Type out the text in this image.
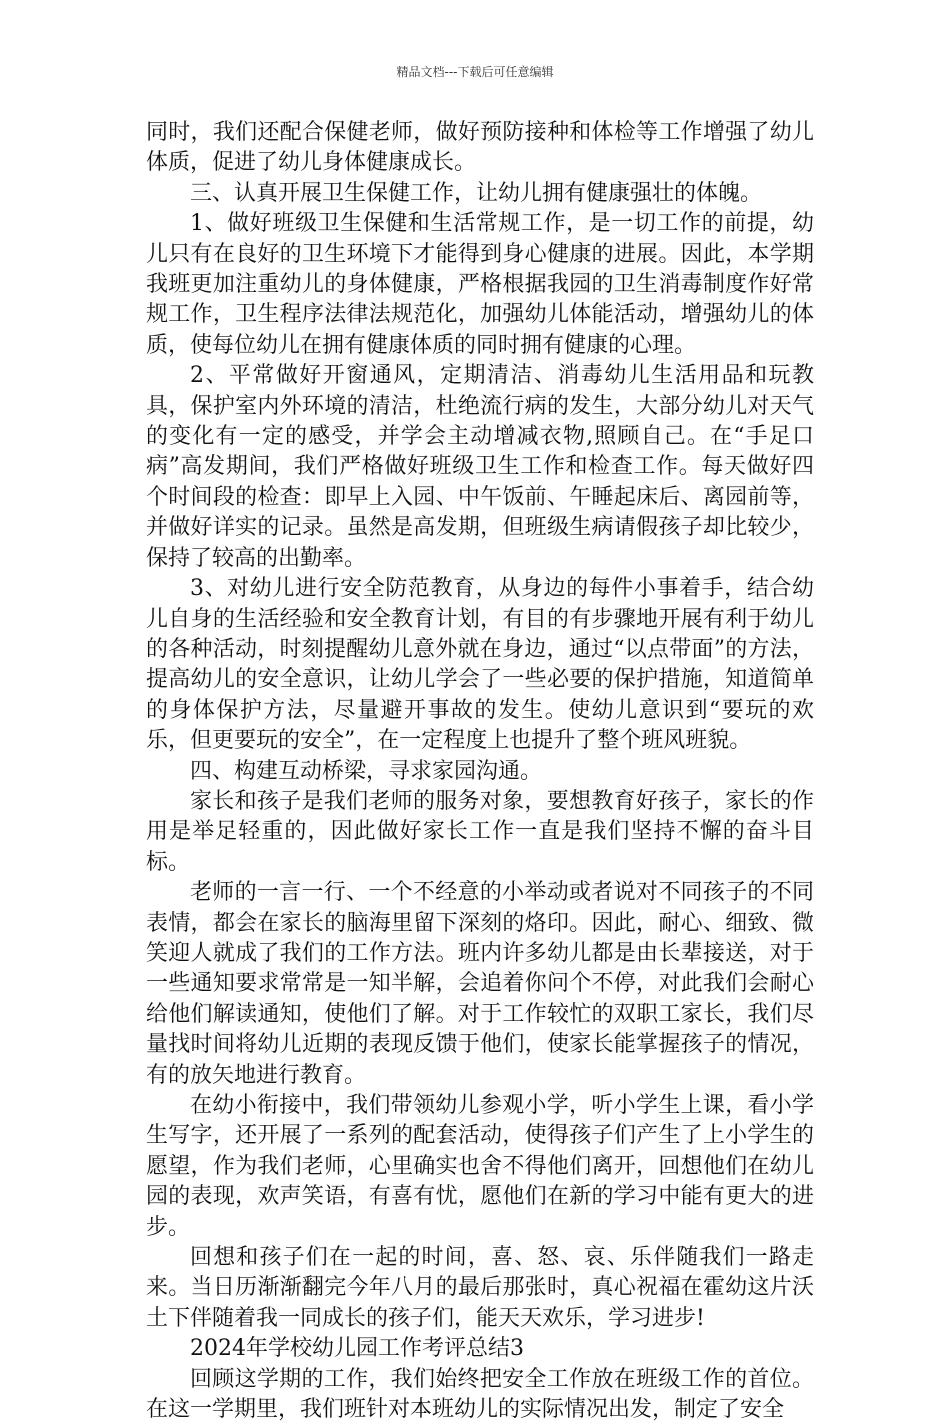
精品文档---下载后可任意编辑

同时，我们还配合保健老师，做好预防接种和体检等工作增强了幼儿体质，促进了幼儿身体健康成长。

三、认真开展卫生保健工作，让幼儿拥有健康强壮的体魄。

1、做好班级卫生保健和生活常规工作，是一切工作的前提，幼儿只有在良好的卫生环境下才能得到身心健康的进展。因此，本学期我班更加注重幼儿的身体健康，严格根据我园的卫生消毒制度作好常规工作，卫生程序法律法规范化，加强幼儿体能活动，增强幼儿的体质，使每位幼儿在拥有健康体质的同时拥有健康的心理。

2、平常做好开窗通风，定期清洁、消毒幼儿生活用品和玩教具，保护室内外环境的清洁，杜绝流行病的发生，大部分幼儿对天气的变化有一定的感受，并学会主动增减衣物,照顾自己。在“手足口病”高发期间，我们严格做好班级卫生工作和检查工作。每天做好四个时间段的检查：即早上入园、中午饭前、午睡起床后、离园前等，并做好详实的记录。虽然是高发期，但班级生病请假孩子却比较少，保持了较高的出勤率。

3、对幼儿进行安全防范教育，从身边的每件小事着手，结合幼儿自身的生活经验和安全教育计划，有目的有步骤地开展有利于幼儿的各种活动，时刻提醒幼儿意外就在身边，通过“以点带面”的方法，提高幼儿的安全意识，让幼儿学会了一些必要的保护措施，知道简单的身体保护方法，尽量避开事故的发生。使幼儿意识到“要玩的欢乐，但更要玩的安全”，在一定程度上也提升了整个班风班貌。

四、构建互动桥梁，寻求家园沟通。

家长和孩子是我们老师的服务对象，要想教育好孩子，家长的作用是举足轻重的，因此做好家长工作一直是我们坚持不懈的奋斗目标。

老师的一言一行、一个不经意的小举动或者说对不同孩子的不同表情，都会在家长的脑海里留下深刻的烙印。因此，耐心、细致、微笑迎人就成了我们的工作方法。班内许多幼儿都是由长辈接送，对于一些通知要求常常是一知半解，会追着你问个不停，对此我们会耐心给他们解读通知，使他们了解。对于工作较忙的双职工家长，我们尽量找时间将幼儿近期的表现反馈于他们，使家长能掌握孩子的情况，有的放矢地进行教育。

在幼小衔接中，我们带领幼儿参观小学，听小学生上课，看小学生写字，还开展了一系列的配套活动，使得孩子们产生了上小学生的愿望，作为我们老师，心里确实也舍不得他们离开，回想他们在幼儿园的表现，欢声笑语，有喜有忧，愿他们在新的学习中能有更大的进步。

回想和孩子们在一起的时间，喜、怒、哀、乐伴随我们一路走来。当日历渐渐翻完今年八月的最后那张时，真心祝福在霍幼这片沃土下伴随着我一同成长的孩子们，能天天欢乐，学习进步!

2024年学校幼儿园工作考评总结3

回顾这学期的工作，我们始终把安全工作放在班级工作的首位。在这一学期里，我们班针对本班幼儿的实际情况出发，制定了安全
